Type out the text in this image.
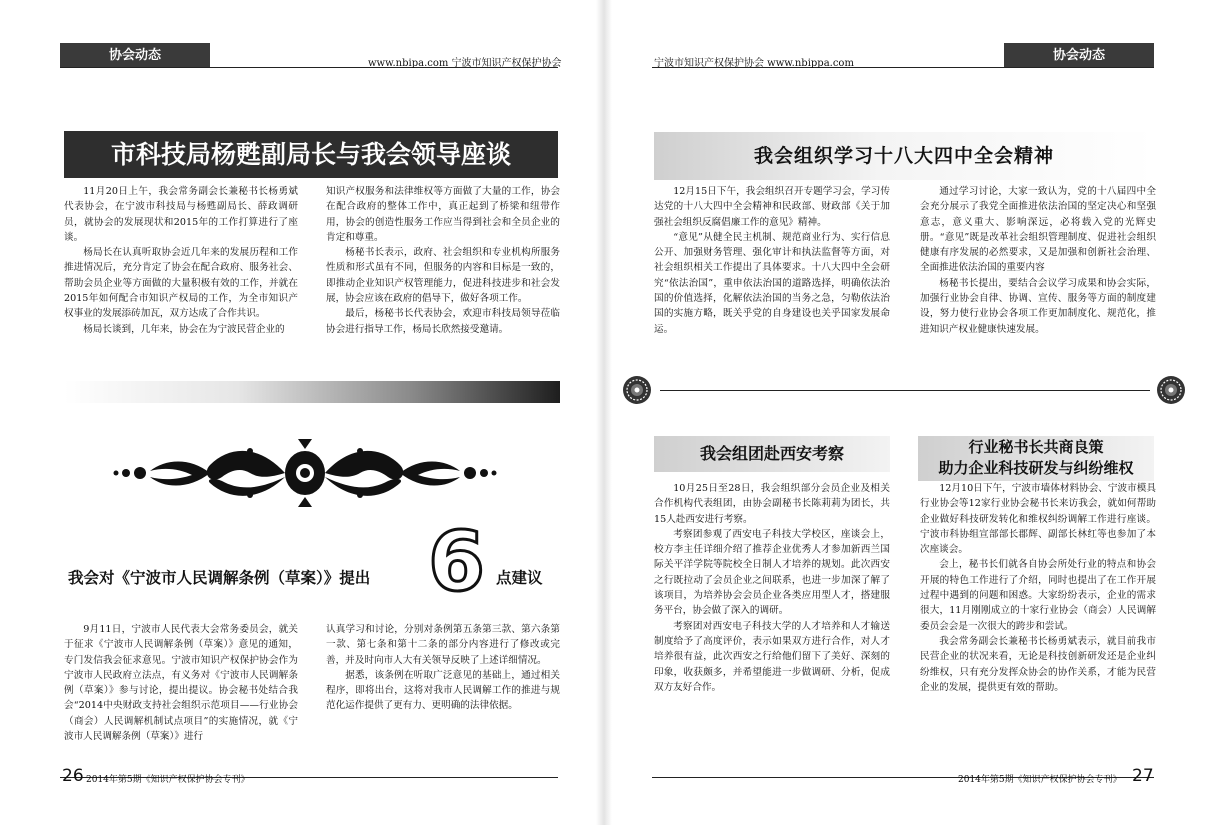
协会动态
www.nbipa.com 宁波市知识产权保护协会
市科技局杨甦副局长与我会领导座谈

11月20日上午，我会常务副会长兼秘书长杨勇斌代表协会，在宁波市科技局与杨甦副局长、薛政调研员，就协会的发展现状和2015年的工作打算进行了座谈。

杨局长在认真听取协会近几年来的发展历程和工作推进情况后，充分肯定了协会在配合政府、服务社会、帮助会员企业等方面做的大量积极有效的工作，并就在2015年如何配合市知识产权局的工作，为全市知识产权事业的发展添砖加瓦，双方达成了合作共识。

杨局长谈到，几年来，协会在为宁波民营企业的

知识产权服务和法律维权等方面做了大量的工作，协会在配合政府的整体工作中，真正起到了桥梁和纽带作用，协会的创造性服务工作应当得到社会和全员企业的肯定和尊重。

杨秘书长表示，政府、社会组织和专业机构所服务性质和形式虽有不同，但服务的内容和目标是一致的，即推动企业知识产权管理能力，促进科技进步和社会发展，协会应该在政府的倡导下，做好各项工作。

最后，杨秘书长代表协会，欢迎市科技局领导莅临协会进行指导工作，杨局长欣然接受邀请。

我会对《宁波市人民调解条例（草案）》提出 6 点建议

9月11日，宁波市人民代表大会常务委员会，就关于征求《宁波市人民调解条例（草案）》意见的通知，专门发信我会征求意见。宁波市知识产权保护协会作为宁波市人民政府立法点，有义务对《宁波市人民调解条例（草案）》参与讨论，提出提议。协会秘书处结合我会“2014中央财政支持社会组织示范项目——行业协会（商会）人民调解机制试点项目”的实施情况，就《宁波市人民调解条例（草案）》进行

认真学习和讨论，分别对条例第五条第三款、第六条第一款、第七条和第十二条的部分内容进行了修改或完善，并及时向市人大有关领导反映了上述详细情况。

据悉，该条例在听取广泛意见的基础上，通过相关程序，即将出台，这将对我市人民调解工作的推进与规范化运作提供了更有力、更明确的法律依据。

26 2014年第5期《知识产权保护协会专刊》
协会动态
宁波市知识产权保护协会 www.nbippa.com
我会组织学习十八大四中全会精神

12月15日下午，我会组织召开专题学习会，学习传达党的十八大四中全会精神和民政部、财政部《关于加强社会组织反腐倡廉工作的意见》精神。

“意见”从健全民主机制、规范商业行为、实行信息公开、加强财务管理、强化审计和执法监督等方面，对社会组织相关工作提出了具体要求。十八大四中全会研究“依法治国”，重申依法治国的道路选择，明确依法治国的价值选择，化解依法治国的当务之急，匀勒依法治国的实施方略，既关乎党的自身建设也关乎国家发展命运。

通过学习讨论，大家一致认为，党的十八届四中全会充分展示了我党全面推进依法治国的坚定决心和坚强意志，意义重大、影响深远，必将载入党的光辉史册。“意见”既是改革社会组织管理制度、促进社会组织健康有序发展的必然要求，又是加强和创新社会治理、全面推进依法治国的重要内容

杨秘书长提出，要结合会议学习成果和协会实际，加强行业协会自律、协调、宣传、服务等方面的制度建设，努力使行业协会各项工作更加制度化、规范化，推进知识产权业健康快速发展。

我会组团赴西安考察

10月25日至28日，我会组织部分会员企业及相关合作机构代表组团，由协会副秘书长陈莉莉为团长，共15人赴西安进行考察。

考察团参观了西安电子科技大学校区，座谈会上，校方李主任详细介绍了推荐企业优秀人才参加新西兰国际关平洋学院等院校全日制人才培养的规划。此次西安之行既拉动了会员企业之间联系，也进一步加深了解了该项目，为培养协会会员企业各类应用型人才，搭建服务平台，协会做了深入的调研。

考察团对西安电子科技大学的人才培养和人才输送制度给予了高度评价，表示如果双方进行合作，对人才培养很有益，此次西安之行给他们留下了美好、深刻的印象，收获颇多，并希望能进一步做调研、分析，促成双方友好合作。

行业秘书长共商良策
助力企业科技研发与纠纷维权

12月10日下午，宁波市墙体材料协会、宁波市模具行业协会等12家行业协会秘书长来访我会，就如何帮助企业做好科技研发转化和维权纠纷调解工作进行座谈。宁波市科协组宣部部长郡辉、副部长林红等也参加了本次座谈会。

会上，秘书长们就各自协会所处行业的特点和协会开展的特色工作进行了介绍，同时也提出了在工作开展过程中遇到的问题和困惑。大家纷纷表示，企业的需求很大，11月刚刚成立的十家行业协会（商会）人民调解委员会会是一次很大的跨步和尝试。

我会常务副会长兼秘书长杨勇斌表示，就目前我市民营企业的状况来看，无论是科技创新研发还是企业纠纷维权，只有充分发挥众协会的协作关系，才能为民营企业的发展，提供更有效的帮助。

2014年第5期《知识产权保护协会专刊》 27
